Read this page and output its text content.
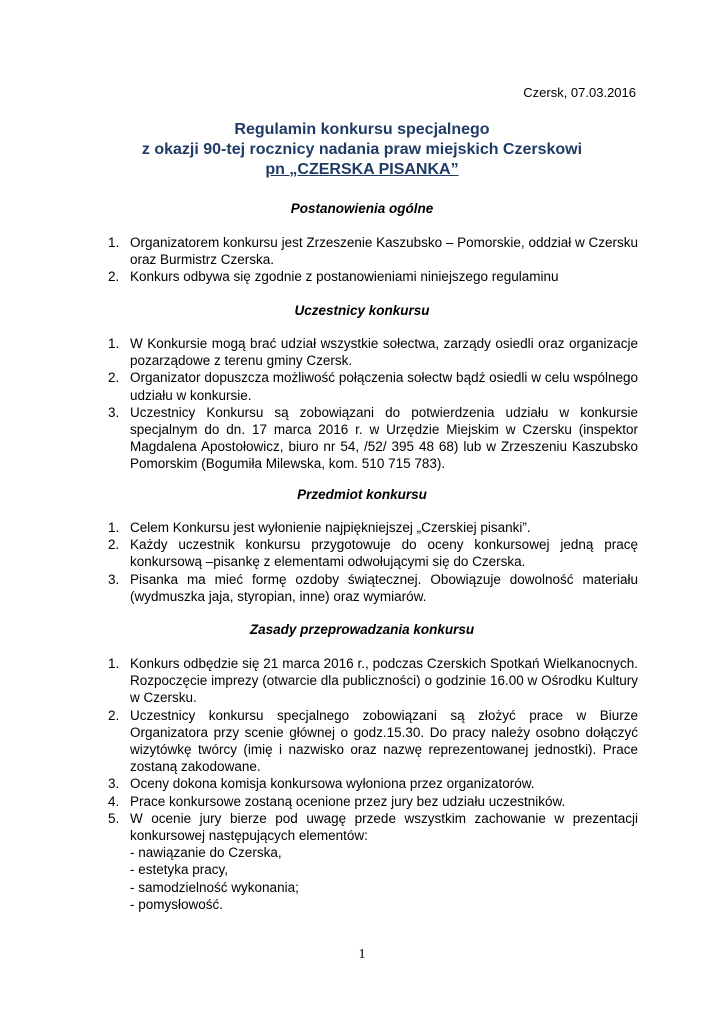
Czersk, 07.03.2016
Regulamin konkursu specjalnego
z okazji 90-tej rocznicy nadania praw miejskich Czerskowi
pn „CZERSKA PISANKA”
Postanowienia ogólne
1. Organizatorem konkursu jest Zrzeszenie Kaszubsko – Pomorskie, oddział w Czersku oraz Burmistrz Czerska.
2. Konkurs odbywa się zgodnie z postanowieniami niniejszego regulaminu
Uczestnicy konkursu
1. W Konkursie mogą brać udział wszystkie sołectwa, zarządy osiedli oraz organizacje pozarządowe z terenu gminy Czersk.
2. Organizator dopuszcza możliwość połączenia sołectw bądź osiedli w celu wspólnego udziału w konkursie.
3. Uczestnicy Konkursu są zobowiązani do potwierdzenia udziału w konkursie specjalnym do dn. 17 marca 2016 r. w Urzędzie Miejskim w Czersku (inspektor Magdalena Apostołowicz, biuro nr 54, /52/ 395 48 68) lub w Zrzeszeniu Kaszubsko Pomorskim (Bogumiła Milewska, kom. 510 715 783).
Przedmiot konkursu
1. Celem Konkursu jest wyłonienie najpiękniejszej „Czerskiej pisanki”.
2. Każdy uczestnik konkursu przygotowuje do oceny konkursowej jedną pracę konkursową –pisankę z elementami odwołującymi się do Czerska.
3. Pisanka ma mieć formę ozdoby świątecznej. Obowiązuje dowolność materiału (wydmuszka jaja, styropian, inne) oraz wymiarów.
Zasady przeprowadzania konkursu
1. Konkurs odbędzie się 21 marca 2016 r., podczas Czerskich Spotkań Wielkanocnych. Rozpoczęcie imprezy (otwarcie dla publiczności) o godzinie 16.00 w Ośrodku Kultury w Czersku.
2. Uczestnicy konkursu specjalnego zobowiązani są złożyć prace w Biurze Organizatora przy scenie głównej o godz.15.30. Do pracy należy osobno dołączyć wizytówkę twórcy (imię i nazwisko oraz nazwę reprezentowanej jednostki). Prace zostaną zakodowane.
3. Oceny dokona komisja konkursowa wyłoniona przez organizatorów.
4. Prace konkursowe zostaną ocenione przez jury bez udziału uczestników.
5. W ocenie jury bierze pod uwagę przede wszystkim zachowanie w prezentacji konkursowej następujących elementów:
- nawiązanie do Czerska,
- estetyka pracy,
- samodzielność wykonania;
- pomysłowość.
1
